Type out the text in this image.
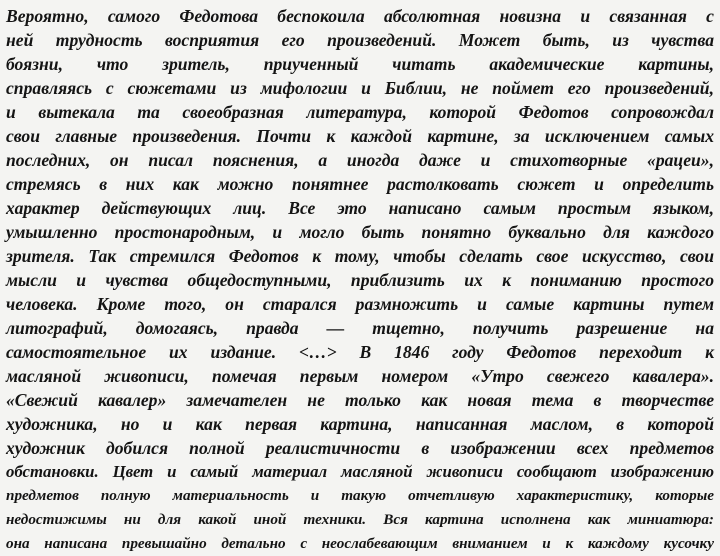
Вероятно, самого Федотова беспокоила абсолютная новизна и связанная с
ней трудность восприятия его произведений. Может быть, из чувства
боязни, что зритель, приученный читать академические картины,
справляясь с сюжетами из мифологии и Библии, не поймет его произведений,
и вытекала та своеобразная литература, которой Федотов сопровождал
свои главные произведения. Почти к каждой картине, за исключением самых
последних, он писал пояснения, а иногда даже и стихотворные «рацеи»,
стремясь в них как можно понятнее растолковать сюжет и определить
характер действующих лиц. Все это написано самым простым языком,
умышленно простонародным, и могло быть понятно буквально для каждого
зрителя. Так стремился Федотов к тому, чтобы сделать свое искусство, свои
мысли и чувства общедоступными, приблизить их к пониманию простого
человека. Кроме того, он старался размножить и самые картины путем
литографий, домогаясь, правда — тщетно, получить разрешение на
самостоятельное их издание. <…> В 1846 году Федотов переходит к
масляной живописи, помечая первым номером «Утро свежего кавалера».
«Свежий кавалер» замечателен не только как новая тема в творчестве
художника, но и как первая картина, написанная маслом, в которой
художник добился полной реалистичности в изображении всех предметов
обстановки. Цвет и самый материал масляной живописи сообщают изображению
предметов полную материальность и такую отчетливую характеристику, которые
недостижимы ни для какой иной техники. Вся картина исполнена как миниатюра:
она написана превышайно детально с неослабевающим вниманием и к каждому кусочку
